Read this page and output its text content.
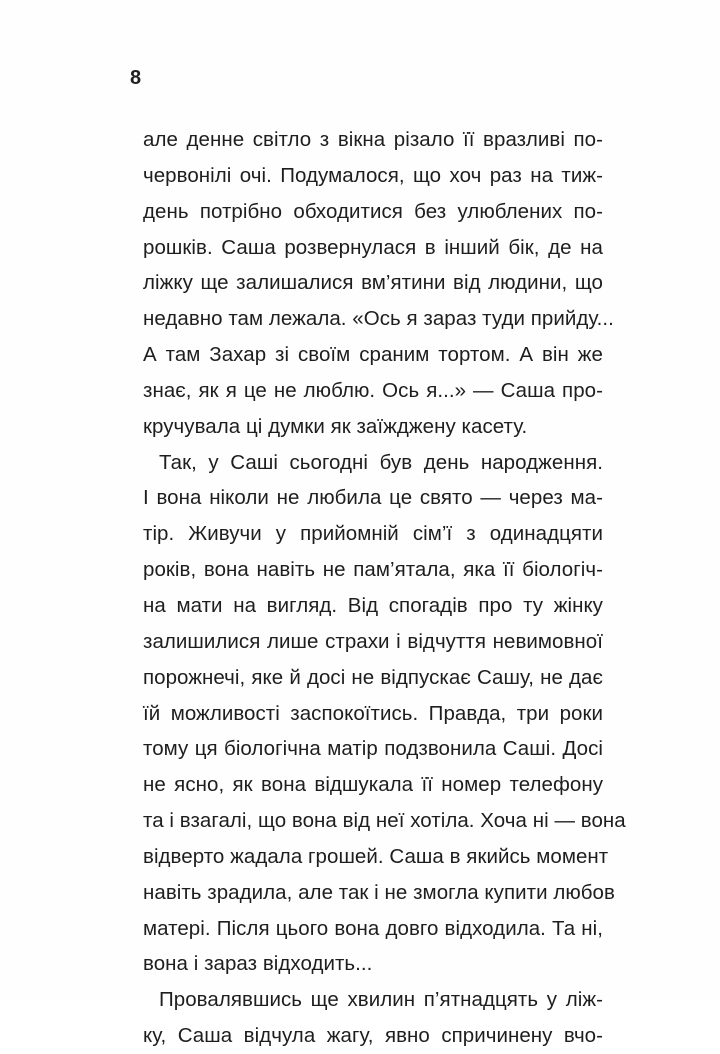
8
але денне світло з вікна різало її вразливі по-
червонілі очі. Подумалося, що хоч раз на тиж-
день потрібно обходитися без улюблених по-
рошків. Саша розвернулася в інший бік, де на
ліжку ще залишалися вм’ятини від людини, що
недавно там лежала. «Ось я зараз туди прийду...
А там Захар зі своїм сраним тортом. А він же
знає, як я це не люблю. Ось я...» — Саша про-
кручувала ці думки як заїжджену касету.
Так, у Саші сьогодні був день народження.
І вона ніколи не любила це свято — через ма-
тір. Живучи у прийомній сім’ї з одинадцяти
років, вона навіть не пам’ятала, яка її біологіч-
на мати на вигляд. Від спогадів про ту жінку
залишилися лише страхи і відчуття невимовної
порожнечі, яке й досі не відпускає Сашу, не дає
їй можливості заспокоїтись. Правда, три роки
тому ця біологічна матір подзвонила Саші. Досі
не ясно, як вона відшукала її номер телефону
та і взагалі, що вона від неї хотіла. Хоча ні — вона
відверто жадала грошей. Саша в якийсь момент
навіть зрадила, але так і не змогла купити любов
матері. Після цього вона довго відходила. Та ні,
вона і зараз відходить...
Провалявшись ще хвилин п’ятнадцять у ліж-
ку, Саша відчула жагу, явно спричинену вчо-
